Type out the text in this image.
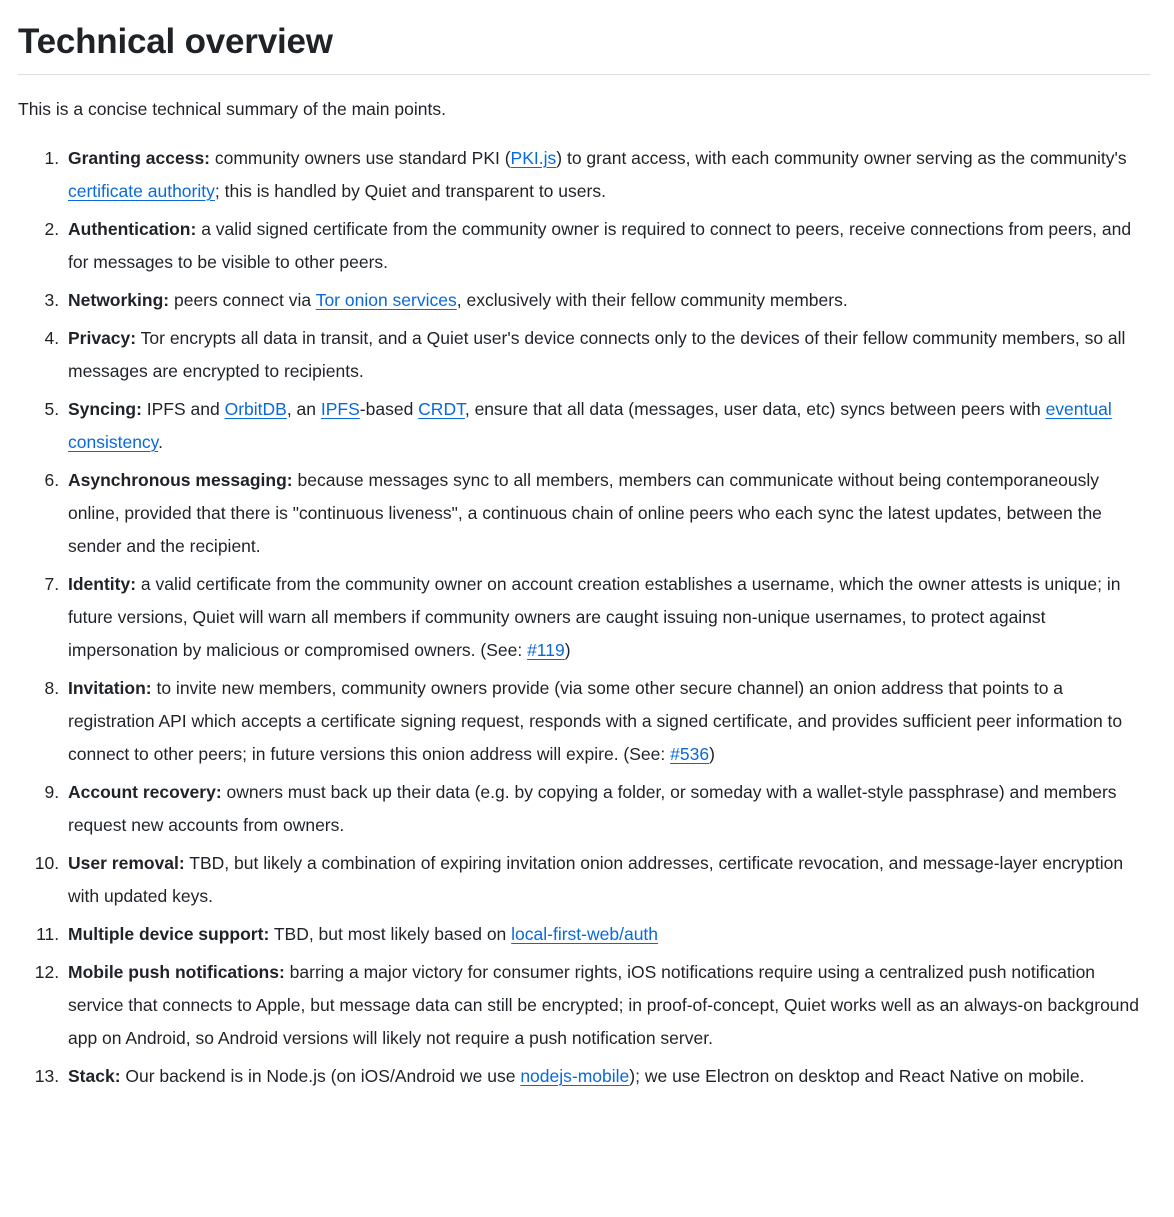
Technical overview

This is a concise technical summary of the main points.

1. Granting access: community owners use standard PKI (PKI.js) to grant access, with each community owner serving as the community's certificate authority; this is handled by Quiet and transparent to users.
2. Authentication: a valid signed certificate from the community owner is required to connect to peers, receive connections from peers, and for messages to be visible to other peers.
3. Networking: peers connect via Tor onion services, exclusively with their fellow community members.
4. Privacy: Tor encrypts all data in transit, and a Quiet user's device connects only to the devices of their fellow community members, so all messages are encrypted to recipients.
5. Syncing: IPFS and OrbitDB, an IPFS-based CRDT, ensure that all data (messages, user data, etc) syncs between peers with eventual consistency.
6. Asynchronous messaging: because messages sync to all members, members can communicate without being contemporaneously online, provided that there is "continuous liveness", a continuous chain of online peers who each sync the latest updates, between the sender and the recipient.
7. Identity: a valid certificate from the community owner on account creation establishes a username, which the owner attests is unique; in future versions, Quiet will warn all members if community owners are caught issuing non-unique usernames, to protect against impersonation by malicious or compromised owners. (See: #119)
8. Invitation: to invite new members, community owners provide (via some other secure channel) an onion address that points to a registration API which accepts a certificate signing request, responds with a signed certificate, and provides sufficient peer information to connect to other peers; in future versions this onion address will expire. (See: #536)
9. Account recovery: owners must back up their data (e.g. by copying a folder, or someday with a wallet-style passphrase) and members request new accounts from owners.
10. User removal: TBD, but likely a combination of expiring invitation onion addresses, certificate revocation, and message-layer encryption with updated keys.
11. Multiple device support: TBD, but most likely based on local-first-web/auth
12. Mobile push notifications: barring a major victory for consumer rights, iOS notifications require using a centralized push notification service that connects to Apple, but message data can still be encrypted; in proof-of-concept, Quiet works well as an always-on background app on Android, so Android versions will likely not require a push notification server.
13. Stack: Our backend is in Node.js (on iOS/Android we use nodejs-mobile); we use Electron on desktop and React Native on mobile.
